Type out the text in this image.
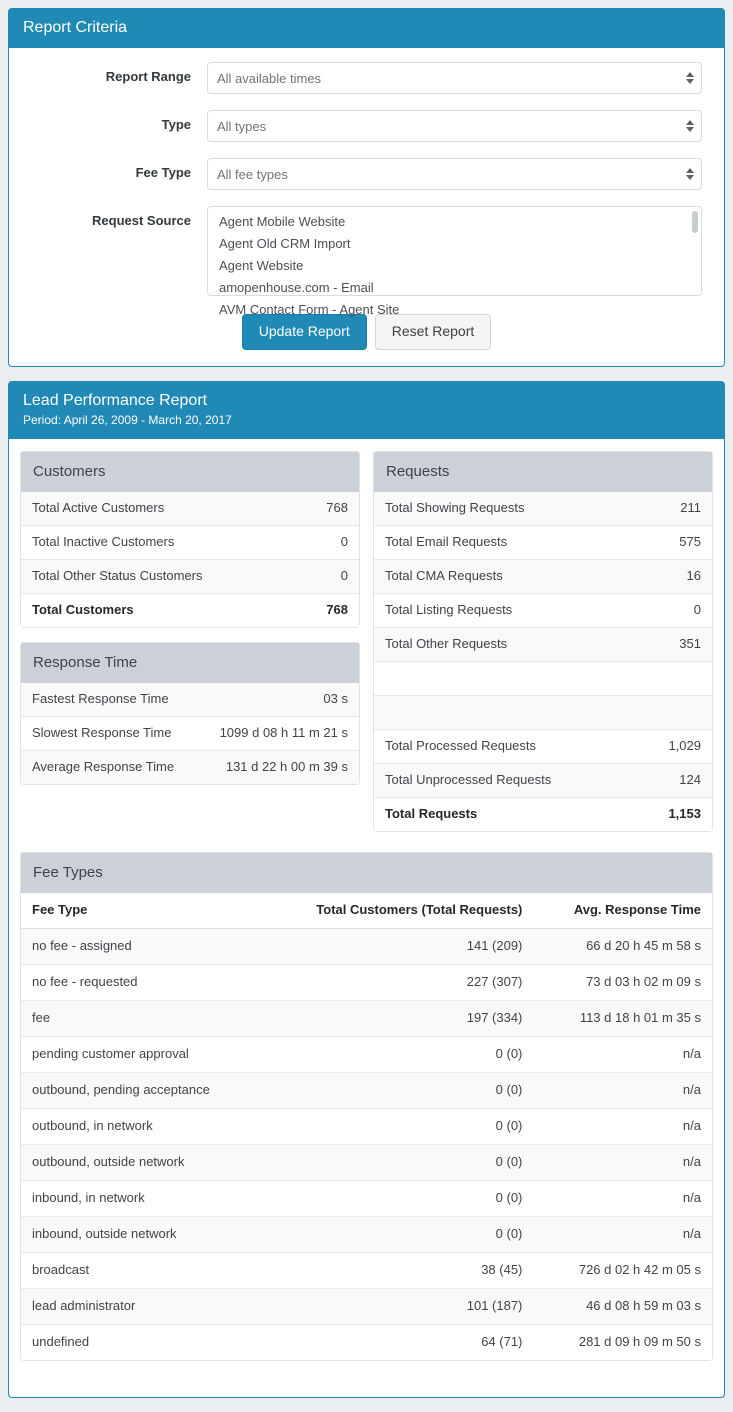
Report Criteria
Report Range	All available times
Type	All types
Fee Type	All fee types
Request Source	Agent Mobile Website
Agent Old CRM Import
Agent Website
amopenhouse.com - Email
AVM Contact Form - Agent Site
Update Report	Reset Report
Lead Performance Report
Period: April 26, 2009 - March 20, 2017
Customers
Total Active Customers	768
Total Inactive Customers	0
Total Other Status Customers	0
Total Customers	768
Response Time
Fastest Response Time	03 s
Slowest Response Time	1099 d 08 h 11 m 21 s
Average Response Time	131 d 22 h 00 m 39 s
Requests
Total Showing Requests	211
Total Email Requests	575
Total CMA Requests	16
Total Listing Requests	0
Total Other Requests	351

Total Processed Requests	1,029
Total Unprocessed Requests	124
Total Requests	1,153
Fee Types
Fee Type	Total Customers (Total Requests)	Avg. Response Time
no fee - assigned	141 (209)	66 d 20 h 45 m 58 s
no fee - requested	227 (307)	73 d 03 h 02 m 09 s
fee	197 (334)	113 d 18 h 01 m 35 s
pending customer approval	0 (0)	n/a
outbound, pending acceptance	0 (0)	n/a
outbound, in network	0 (0)	n/a
outbound, outside network	0 (0)	n/a
inbound, in network	0 (0)	n/a
inbound, outside network	0 (0)	n/a
broadcast	38 (45)	726 d 02 h 42 m 05 s
lead administrator	101 (187)	46 d 08 h 59 m 03 s
undefined	64 (71)	281 d 09 h 09 m 50 s
